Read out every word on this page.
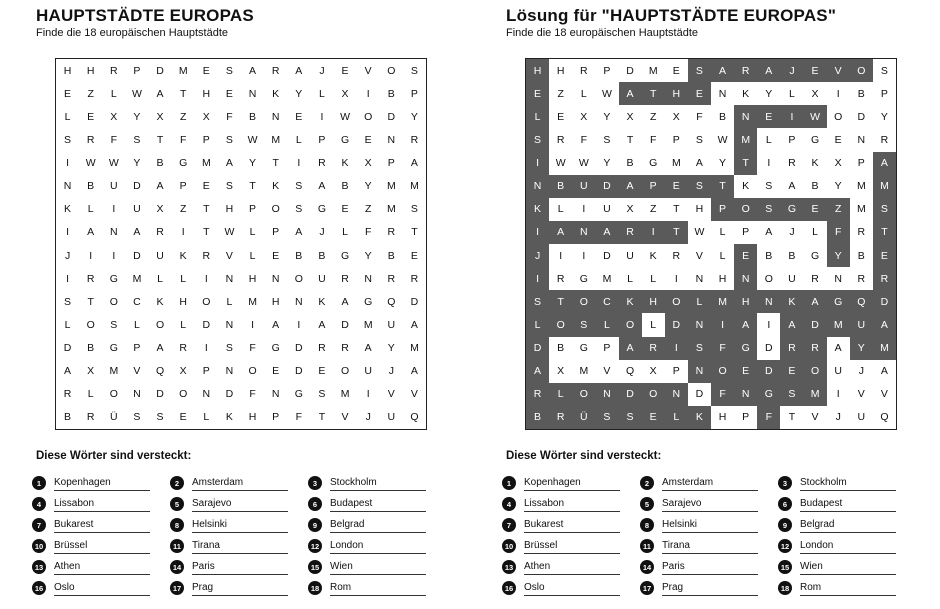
HAUPTSTÄDTE EUROPAS
Finde die 18 europäischen Hauptstädte
H	H	R	P	D	M	E	S	A	R	A	J	E	V	O	S
E	Z	L	W	A	T	H	E	N	K	Y	L	X	I	B	P
L	E	X	Y	X	Z	X	F	B	N	E	I	W	O	D	Y
S	R	F	S	T	F	P	S	W	M	L	P	G	E	N	R
I	W	W	Y	B	G	M	A	Y	T	I	R	K	X	P	A
N	B	U	D	A	P	E	S	T	K	S	A	B	Y	M	M
K	L	I	U	X	Z	T	H	P	O	S	G	E	Z	M	S
I	A	N	A	R	I	T	W	L	P	A	J	L	F	R	T
J	I	I	D	U	K	R	V	L	E	B	B	G	Y	B	E
I	R	G	M	L	L	I	N	H	N	O	U	R	N	R	R
S	T	O	C	K	H	O	L	M	H	N	K	A	G	Q	D
L	O	S	L	O	L	D	N	I	A	I	A	D	M	U	A
D	B	G	P	A	R	I	S	F	G	D	R	R	A	Y	M
A	X	M	V	Q	X	P	N	O	E	D	E	O	U	J	A
R	L	O	N	D	O	N	D	F	N	G	S	M	I	V	V
B	R	Ü	S	S	E	L	K	H	P	F	T	V	J	U	Q
Diese Wörter sind versteckt:
1	Kopenhagen	2	Amsterdam	3	Stockholm
4	Lissabon	5	Sarajevo	6	Budapest
7	Bukarest	8	Helsinki	9	Belgrad
10 Brüssel	11	Tirana	12 London
13 Athen	14 Paris	15 Wien
16 Oslo	17 Prag	18 Rom
Lösung für "HAUPTSTÄDTE EUROPAS"
Finde die 18 europäischen Hauptstädte
H	H	R	P	D	M	E	S	A	R	A	J	E	V	O	S
E	Z	L	W	A	T	H	E	N	K	Y	L	X	I	B	P
L	E	X	Y	X	Z	X	F	B	N	E	I	W	O	D	Y
S	R	F	S	T	F	P	S	W	M	L	P	G	E	N	R
I	W	W	Y	B	G	M	A	Y	T	I	R	K	X	P	A
N	B	U	D	A	P	E	S	T	K	S	A	B	Y	M	M
K	L	I	U	X	Z	T	H	P	O	S	G	E	Z	M	S
I	A	N	A	R	I	T	W	L	P	A	J	L	F	R	T
J	I	I	D	U	K	R	V	L	E	B	B	G	Y	B	E
I	R	G	M	L	L	I	N	H	N	O	U	R	N	R	R
S	T	O	C	K	H	O	L	M	H	N	K	A	G	Q	D
L	O	S	L	O	L	D	N	I	A	I	A	D	M	U	A
D	B	G	P	A	R	I	S	F	G	D	R	R	A	Y	M
A	X	M	V	Q	X	P	N	O	E	D	E	O	U	J	A
R	L	O	N	D	O	N	D	F	N	G	S	M	I	V	V
B	R	Ü	S	S	E	L	K	H	P	F	T	V	J	U	Q
Diese Wörter sind versteckt:
1	Kopenhagen	2	Amsterdam	3	Stockholm
4	Lissabon	5	Sarajevo	6	Budapest
7	Bukarest	8	Helsinki	9	Belgrad
10 Brüssel	11	Tirana	12 London
13 Athen	14 Paris	15 Wien
16 Oslo	17 Prag	18 Rom
